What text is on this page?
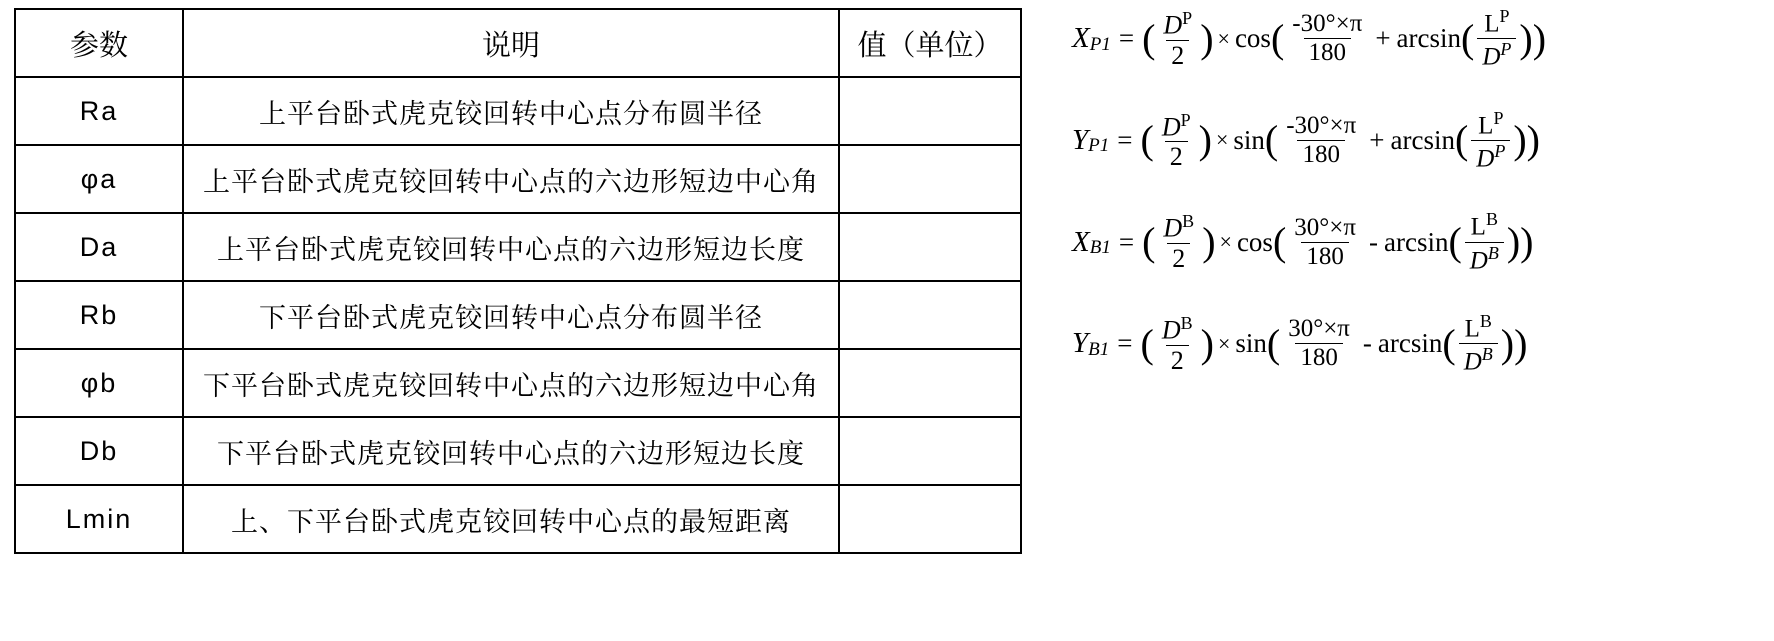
参数	说明	值（单位）
Ra	上平台卧式虎克铰回转中心点分布圆半径	
φa	上平台卧式虎克铰回转中心点的六边形短边中心角	
Da	上平台卧式虎克铰回转中心点的六边形短边长度	
Rb	下平台卧式虎克铰回转中心点分布圆半径	
φb	下平台卧式虎克铰回转中心点的六边形短边中心角	
Db	下平台卧式虎克铰回转中心点的六边形短边长度	
Lmin	上、下平台卧式虎克铰回转中心点的最短距离	
X P1 = ( $\frac{D^P}{2}$ ) × cos ( $\frac{-30^\circ\times\pi}{180} + \arcsin$ ( $\frac{L^P}{D^P}$ ) )
Y P1 = ( $\frac{D^P}{2}$ ) × sin ( $\frac{-30^\circ\times\pi}{180} + \arcsin$ ( $\frac{L^P}{D^P}$ ) )
X B1 = ( $\frac{D^B}{2}$ ) × cos ( $\frac{30^\circ\times\pi}{180}$ - arcsin ( $\frac{L^B}{D^B}$ ) )
Y B1 = ( $\frac{D^B}{2}$ ) × sin ( $\frac{30^\circ\times\pi}{180}$ - arcsin ( $\frac{L^B}{D^B}$ ) )
